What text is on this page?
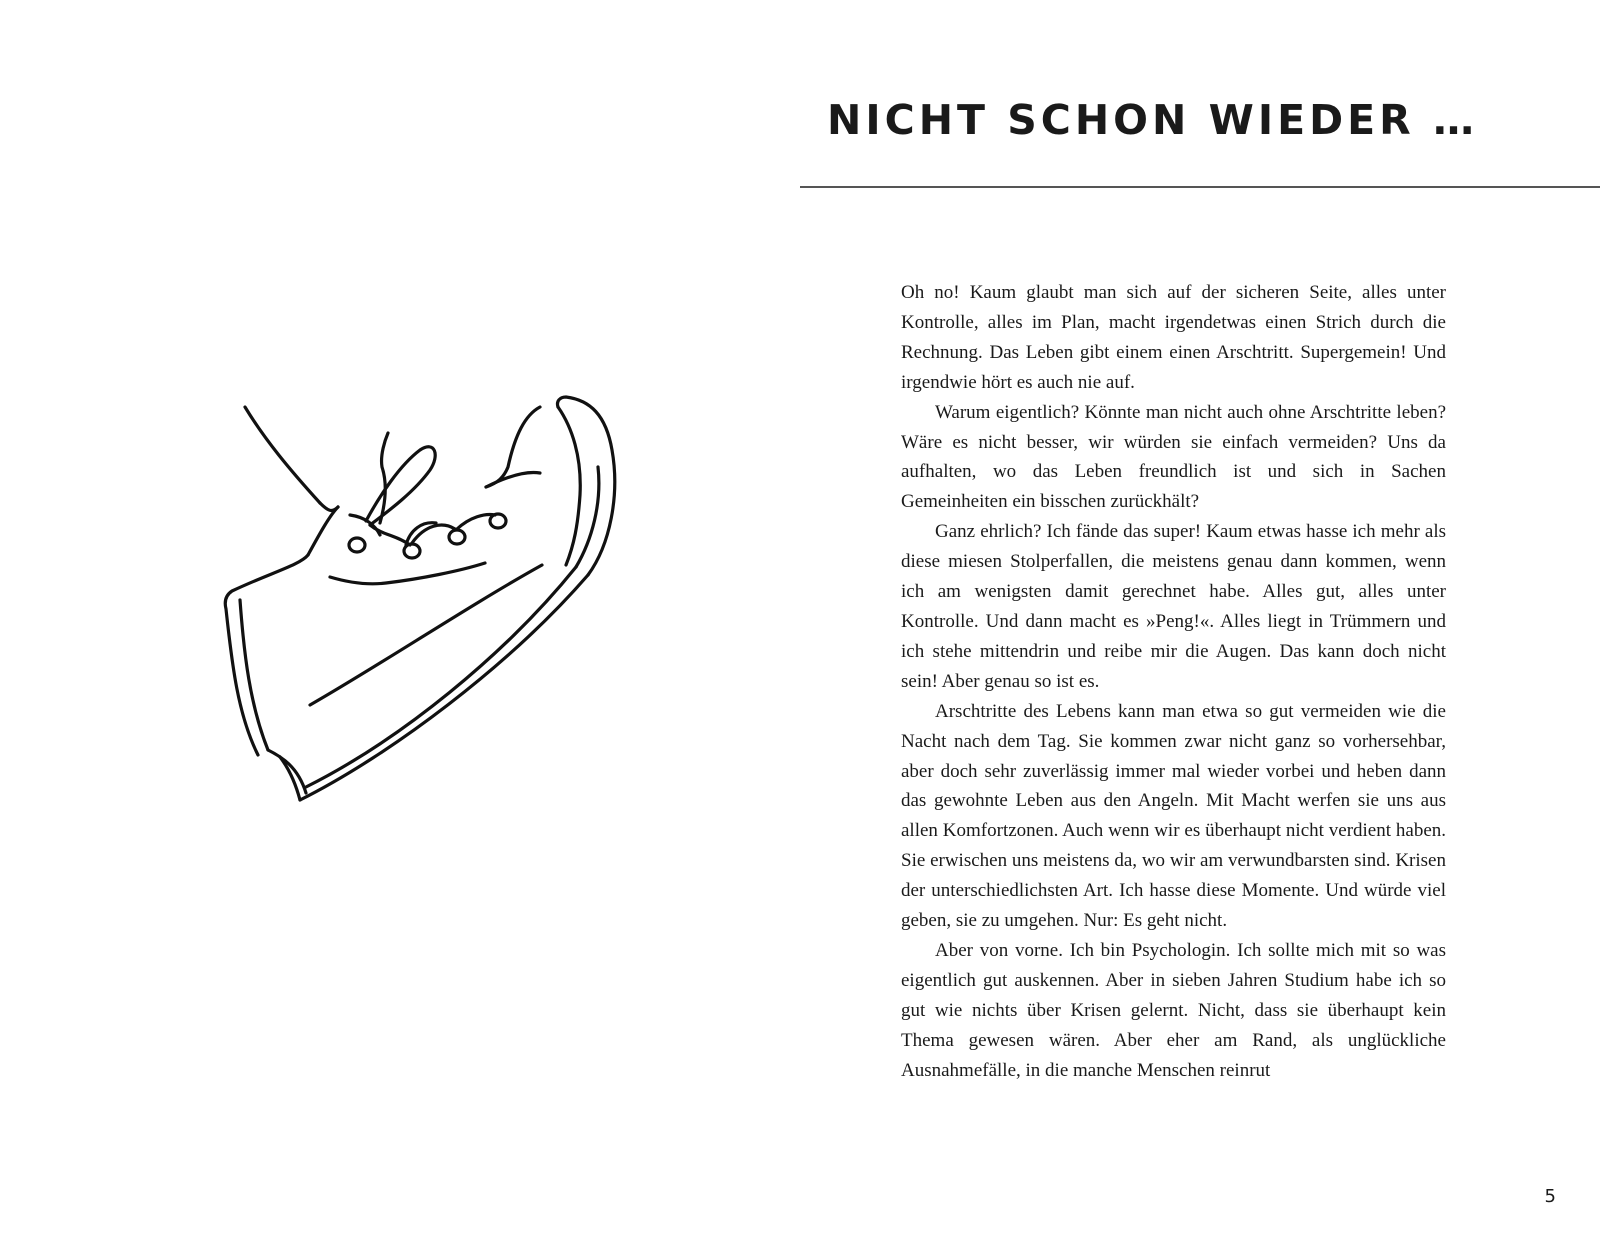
NICHT SCHON WIEDER …

Oh no! Kaum glaubt man sich auf der sicheren Seite, alles unter Kontrolle, alles im Plan, macht irgendetwas einen Strich durch die Rechnung. Das Leben gibt einem einen Arschtritt. Supergemein! Und irgendwie hört es auch nie auf.

Warum eigentlich? Könnte man nicht auch ohne Arschtritte leben? Wäre es nicht besser, wir würden sie einfach vermeiden? Uns da aufhalten, wo das Leben freundlich ist und sich in Sachen Gemeinheiten ein bisschen zurückhält?

Ganz ehrlich? Ich fände das super! Kaum etwas hasse ich mehr als diese miesen Stolperfallen, die meistens genau dann kommen, wenn ich am wenigsten damit gerechnet habe. Alles gut, alles unter Kontrolle. Und dann macht es »Peng!«. Alles liegt in Trümmern und ich stehe mittendrin und reibe mir die Augen. Das kann doch nicht sein! Aber genau so ist es.

Arschtritte des Lebens kann man etwa so gut vermeiden wie die Nacht nach dem Tag. Sie kommen zwar nicht ganz so vorhersehbar, aber doch sehr zuverlässig immer mal wieder vorbei und heben dann das gewohnte Leben aus den Angeln. Mit Macht werfen sie uns aus allen Komfortzonen. Auch wenn wir es überhaupt nicht verdient haben. Sie erwischen uns meistens da, wo wir am verwundbarsten sind. Krisen der unterschiedlichsten Art. Ich hasse diese Momente. Und würde viel geben, sie zu umgehen. Nur: Es geht nicht.

Aber von vorne. Ich bin Psychologin. Ich sollte mich mit so was eigentlich gut auskennen. Aber in sieben Jahren Studium habe ich so gut wie nichts über Krisen gelernt. Nicht, dass sie überhaupt kein Thema gewesen wären. Aber eher am Rand, als unglückliche Ausnahmefälle, in die manche Menschen reinrut

5
